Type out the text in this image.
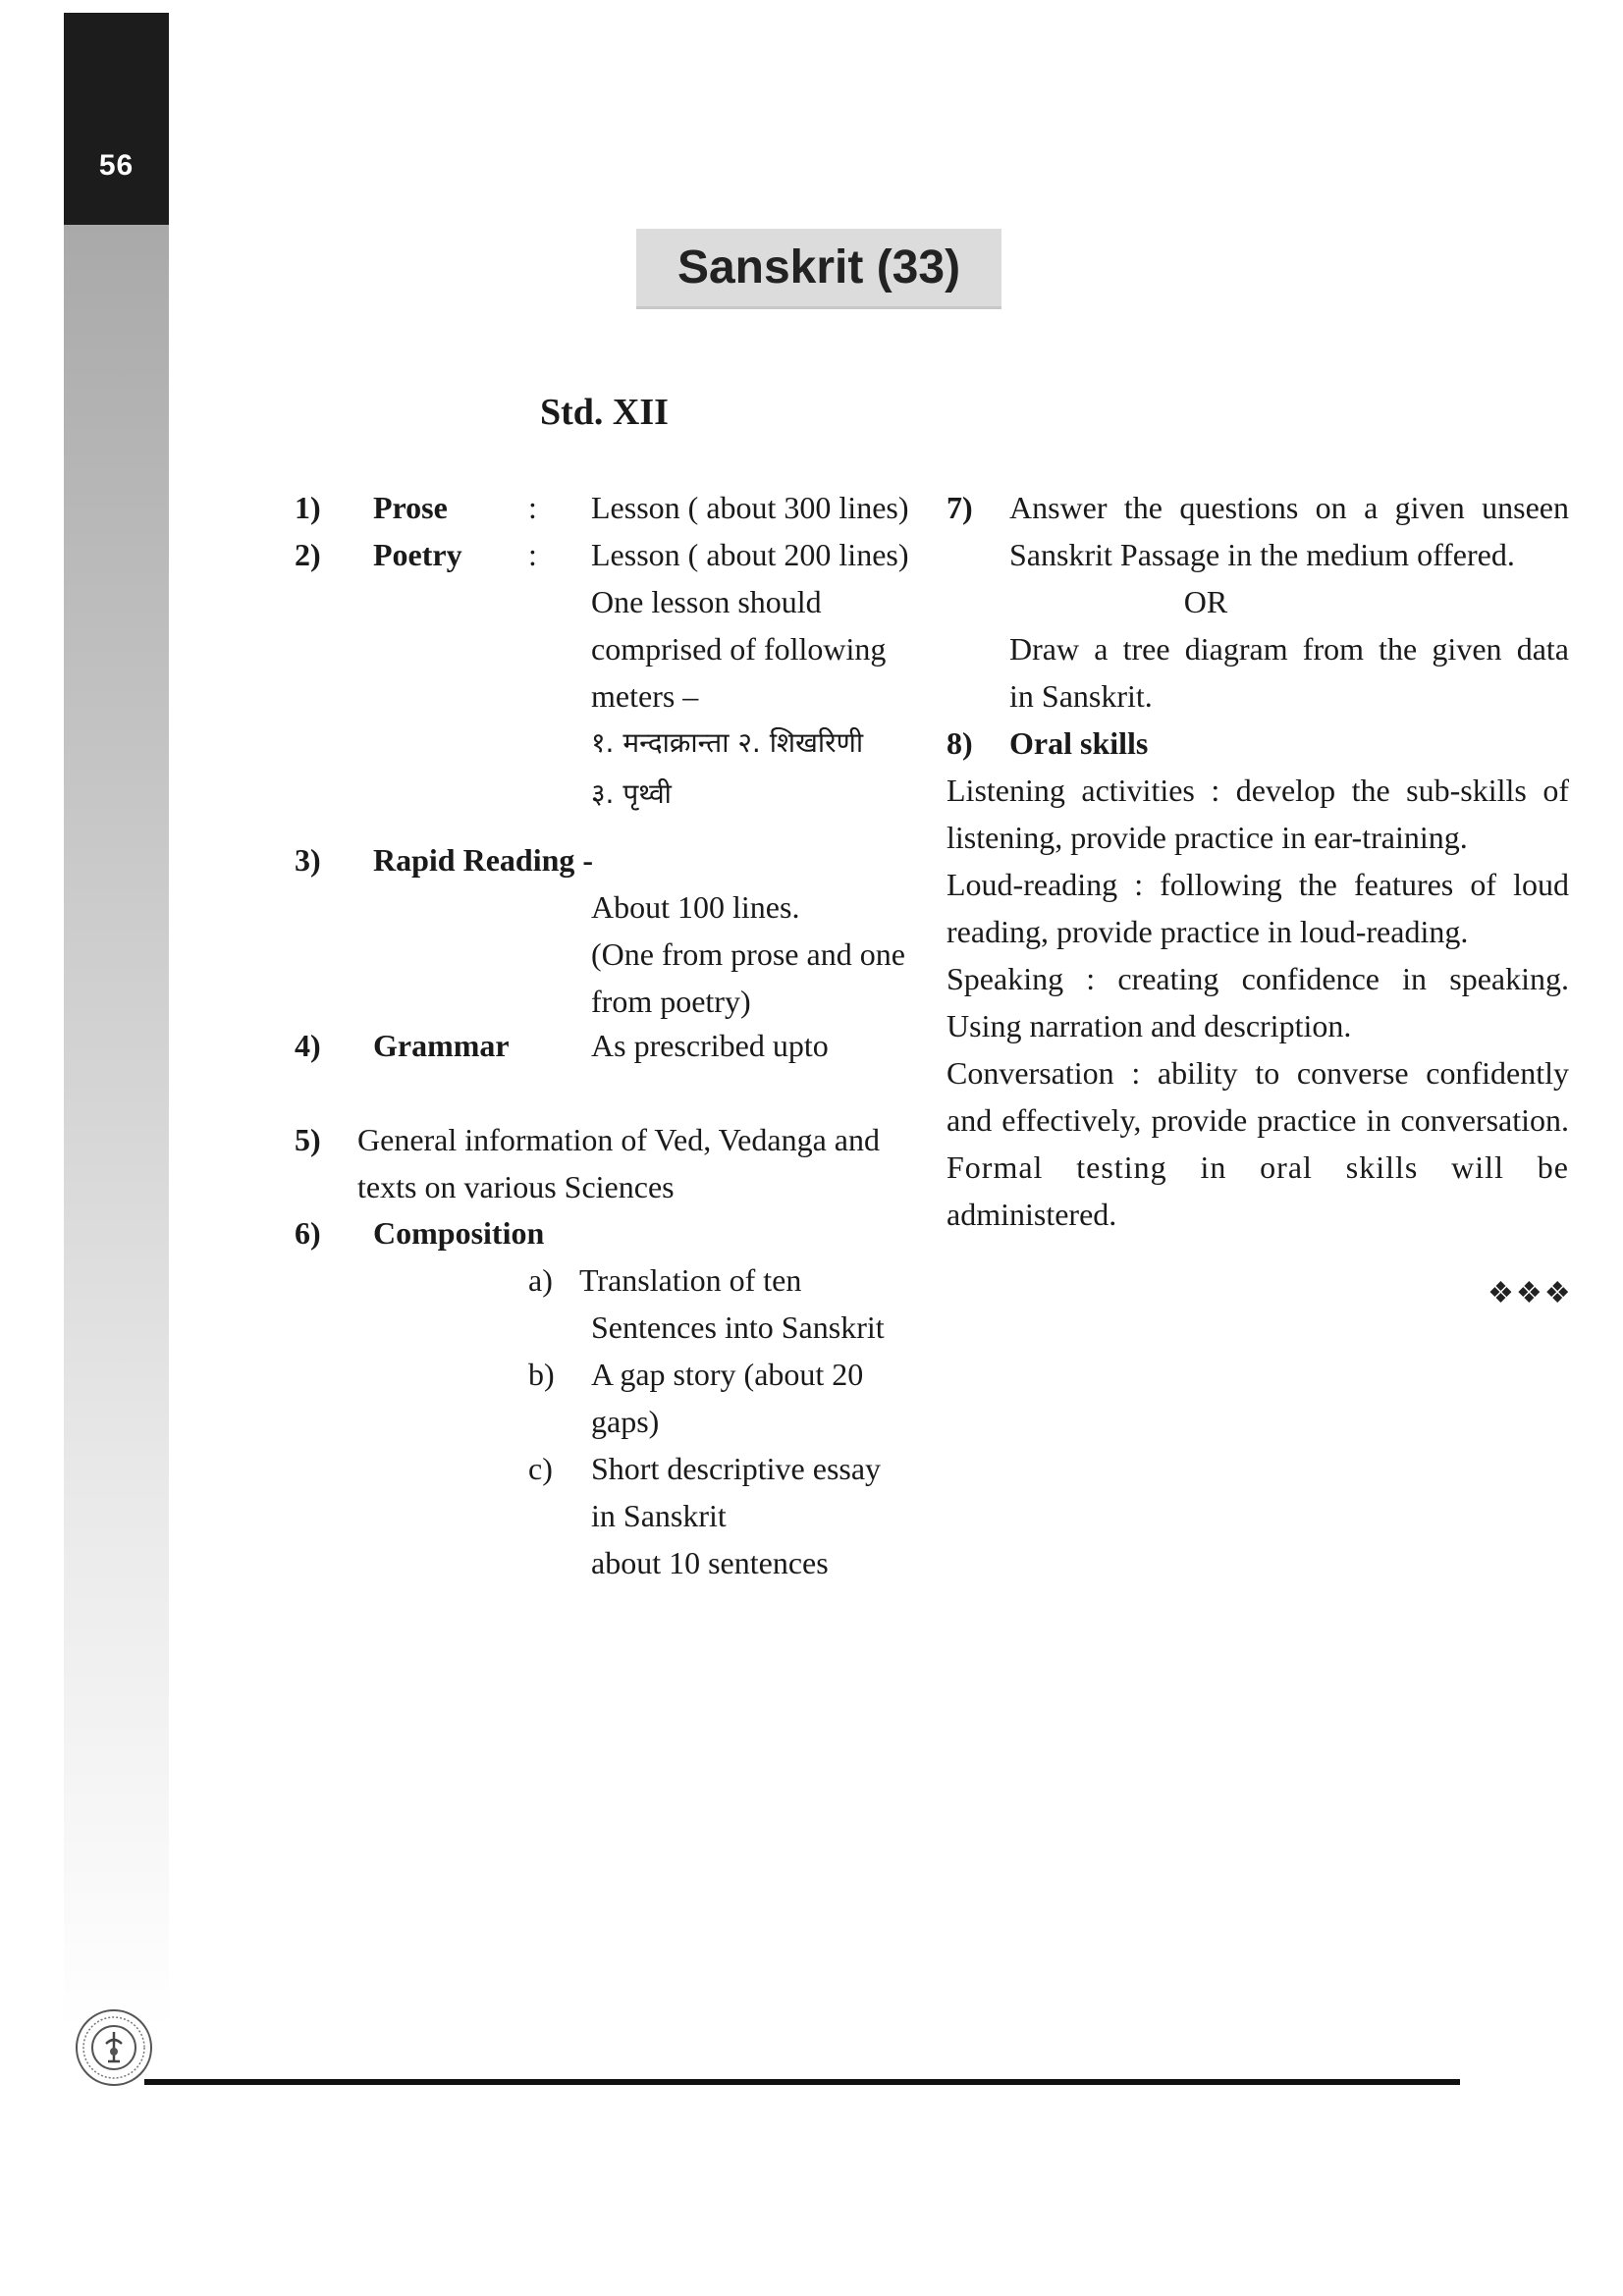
56
Sanskrit (33)
Std. XII
1) Prose	: Lesson ( about 300 lines)
2) Poetry : Lesson ( about 200 lines)
One lesson should
comprised of following
meters –
१. मन्दाक्रान्ता २. शिखरिणी
३. पृथ्वी
3) Rapid Reading -
About 100 lines.
(One from prose and one
from poetry)
4) Grammar	As prescribed upto
5) General information of Ved, Vedanga and
texts on various Sciences
6) Composition
a) Translation of ten
Sentences into Sanskrit
b) A gap story (about 20
gaps)
c) Short descriptive essay
in Sanskrit
about 10 sentences
7) Answer the questions on a given unseen
Sanskrit Passage in the medium offered.
OR
Draw a tree diagram from the given data
in Sanskrit.
8) Oral skills
Listening activities : develop the sub-skills of
listening, provide practice in ear-training.
Loud-reading : following the features of loud
reading, provide practice in loud-reading.
Speaking : creating confidence in speaking.
Using narration and description.
Conversation : ability to converse confidently
and effectively, provide practice in conversation.
Formal testing in oral skills will be
administered.
❖❖❖
